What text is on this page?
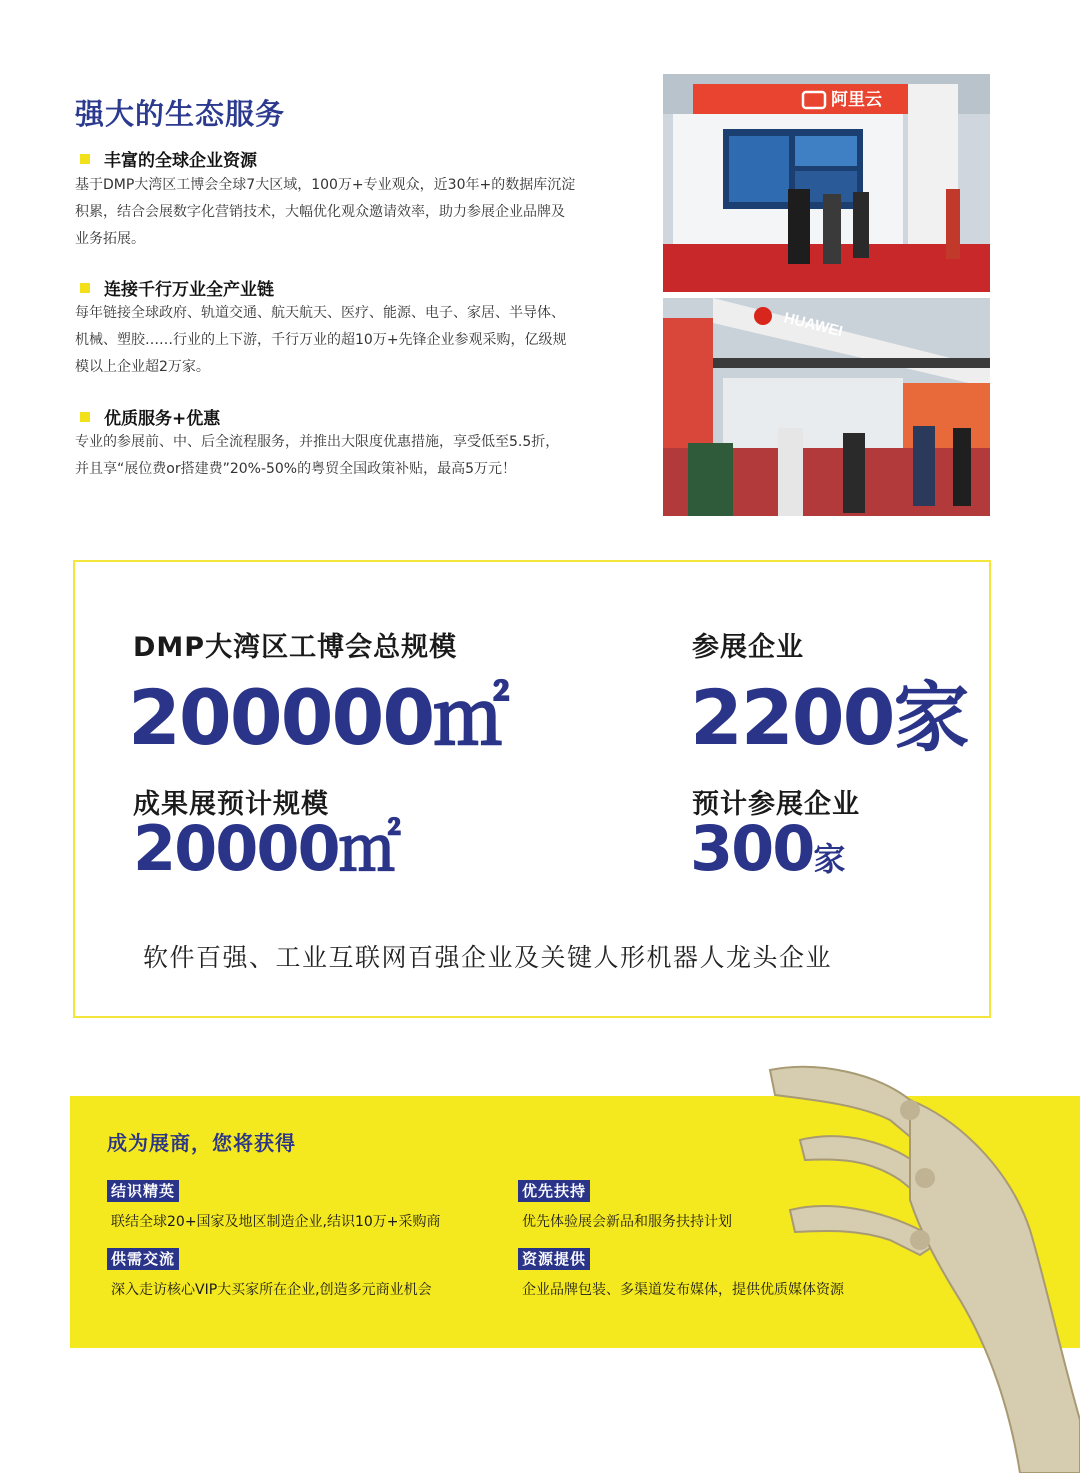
强大的生态服务
丰富的全球企业资源
基于DMP大湾区工博会全球7大区域，100万+专业观众，近30年+的数据库沉淀
积累，结合会展数字化营销技术，大幅优化观众邀请效率，助力参展企业品牌及
业务拓展。
连接千行万业全产业链
每年链接全球政府、轨道交通、航天航天、医疗、能源、电子、家居、半导体、
机械、塑胶……行业的上下游，千行万业的超10万+先锋企业参观采购，亿级规
模以上企业超2万家。
优质服务+优惠
专业的参展前、中、后全流程服务，并推出大限度优惠措施，享受低至5.5折，
并且享“展位费or搭建费”20%-50%的粤贸全国政策补贴，最高5万元！
阿里云
HUAWEI
DMP大湾区工博会总规模
200000㎡
参展企业
2200家
成果展预计规模
20000㎡
预计参展企业
300家
软件百强、工业互联网百强企业及关键人形机器人龙头企业
成为展商，您将获得
结识精英
联结全球20+国家及地区制造企业,结识10万+采购商
优先扶持
优先体验展会新品和服务扶持计划
供需交流
深入走访核心VIP大买家所在企业,创造多元商业机会
资源提供
企业品牌包装、多渠道发布媒体，提供优质媒体资源
